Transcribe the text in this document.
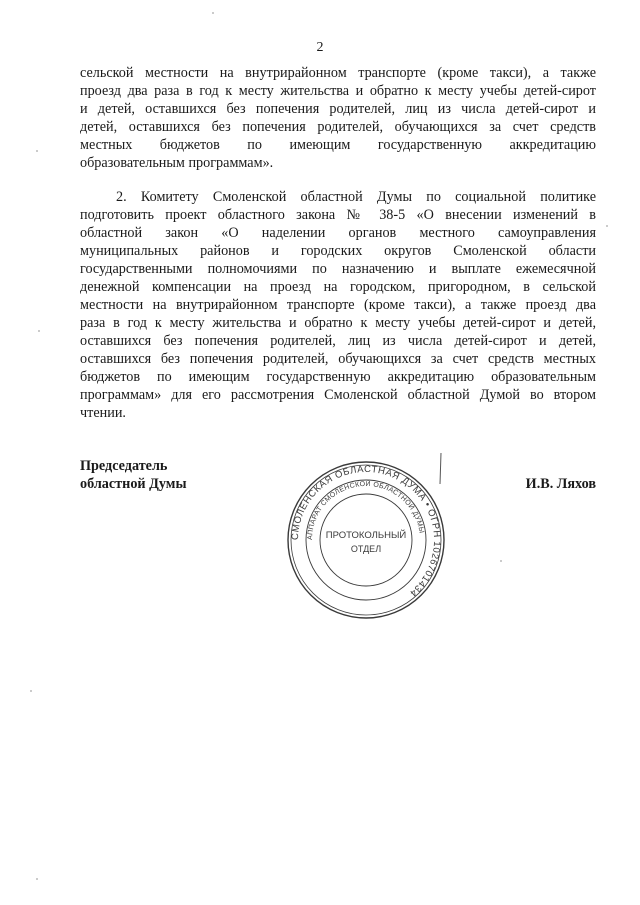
2

сельской местности на внутрирайонном транспорте (кроме такси), а также
проезд два раза в год к месту жительства и обратно к месту учебы детей-сирот
и детей, оставшихся без попечения родителей, лиц из числа детей-сирот и
детей, оставшихся без попечения родителей, обучающихся за счет средств
местных бюджетов по имеющим государственную аккредитацию
образовательным программам».

2. Комитету Смоленской областной Думы по социальной политике
подготовить проект областного закона № 38-5 «О внесении изменений в
областной закон «О наделении органов местного самоуправления
муниципальных районов и городских округов Смоленской области
государственными полномочиями по назначению и выплате ежемесячной
денежной компенсации на проезд на городском, пригородном, в сельской
местности на внутрирайонном транспорте (кроме такси), а также проезд два
раза в год к месту жительства и обратно к месту учебы детей-сирот и детей,
оставшихся без попечения родителей, лиц из числа детей-сирот и детей,
оставшихся без попечения родителей, обучающихся за счет средств местных
бюджетов по имеющим государственную аккредитацию образовательным
программам» для его рассмотрения Смоленской областной Думой во втором
чтении.

Председатель
областной Думы	И.В. Ляхов
СМОЛЕНСКАЯ ОБЛАСТНАЯ ДУМА • ОГРН 1026701434
АППАРАТ СМОЛЕНСКОЙ ОБЛАСТНОЙ ДУМЫ
ПРОТОКОЛЬНЫЙ
ОТДЕЛ
